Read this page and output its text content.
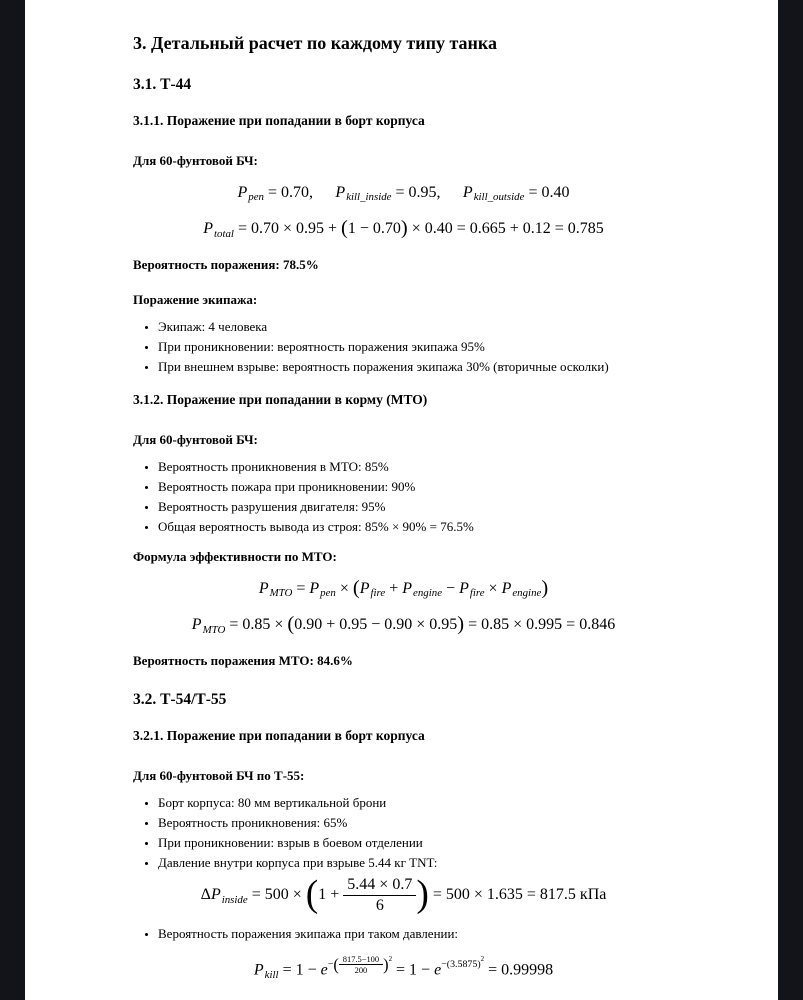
3. Детальный расчет по каждому типу танка
3.1. Т-44
3.1.1. Поражение при попадании в борт корпуса

Для 60-фунтовой БЧ:

$P_{pen} = 0.70$, $P_{kill\_inside} = 0.95$, $P_{kill\_outside} = 0.40$
$P_{total} = 0.70 \times 0.95 + (1 - 0.70) \times 0.40 = 0.665 + 0.12 = 0.785$

Вероятность поражения: 78.5%

Поражение экипажа:

• Экипаж: 4 человека
• При проникновении: вероятность поражения экипажа 95%
• При внешнем взрыве: вероятность поражения экипажа 30% (вторичные осколки)
3.1.2. Поражение при попадании в корму (МТО)

Для 60-фунтовой БЧ:

• Вероятность проникновения в МТО: 85%
• Вероятность пожара при проникновении: 90%
• Вероятность разрушения двигателя: 95%
• Общая вероятность вывода из строя: 85% × 90% = 76.5%

Формула эффективности по МТО:

$P_{MTO} = P_{pen} \times (P_{fire} + P_{engine} - P_{fire} \times P_{engine})$
$P_{MTO} = 0.85 \times (0.90 + 0.95 - 0.90 \times 0.95) = 0.85 \times 0.995 = 0.846$

Вероятность поражения МТО: 84.6%

3.2. Т-54/Т-55
3.2.1. Поражение при попадании в борт корпуса

Для 60-фунтовой БЧ по Т-55:

• Борт корпуса: 80 мм вертикальной брони
• Вероятность проникновения: 65%
• При проникновении: взрыв в боевом отделении
• Давление внутри корпуса при взрыве 5.44 кг TNT:
$\Delta P_{inside} = 500 \times (1 + \frac{5.44 \times 0.7}{6}$ ) = 500 × 1.635 = 817.5 кПа
• Вероятность поражения экипажа при таком давлении:
$P_{kill} = 1 - e^{-( \frac{817.5-100}{200} )^2} = 1 - e^{-(3.5875)^2} = 0.99998$
